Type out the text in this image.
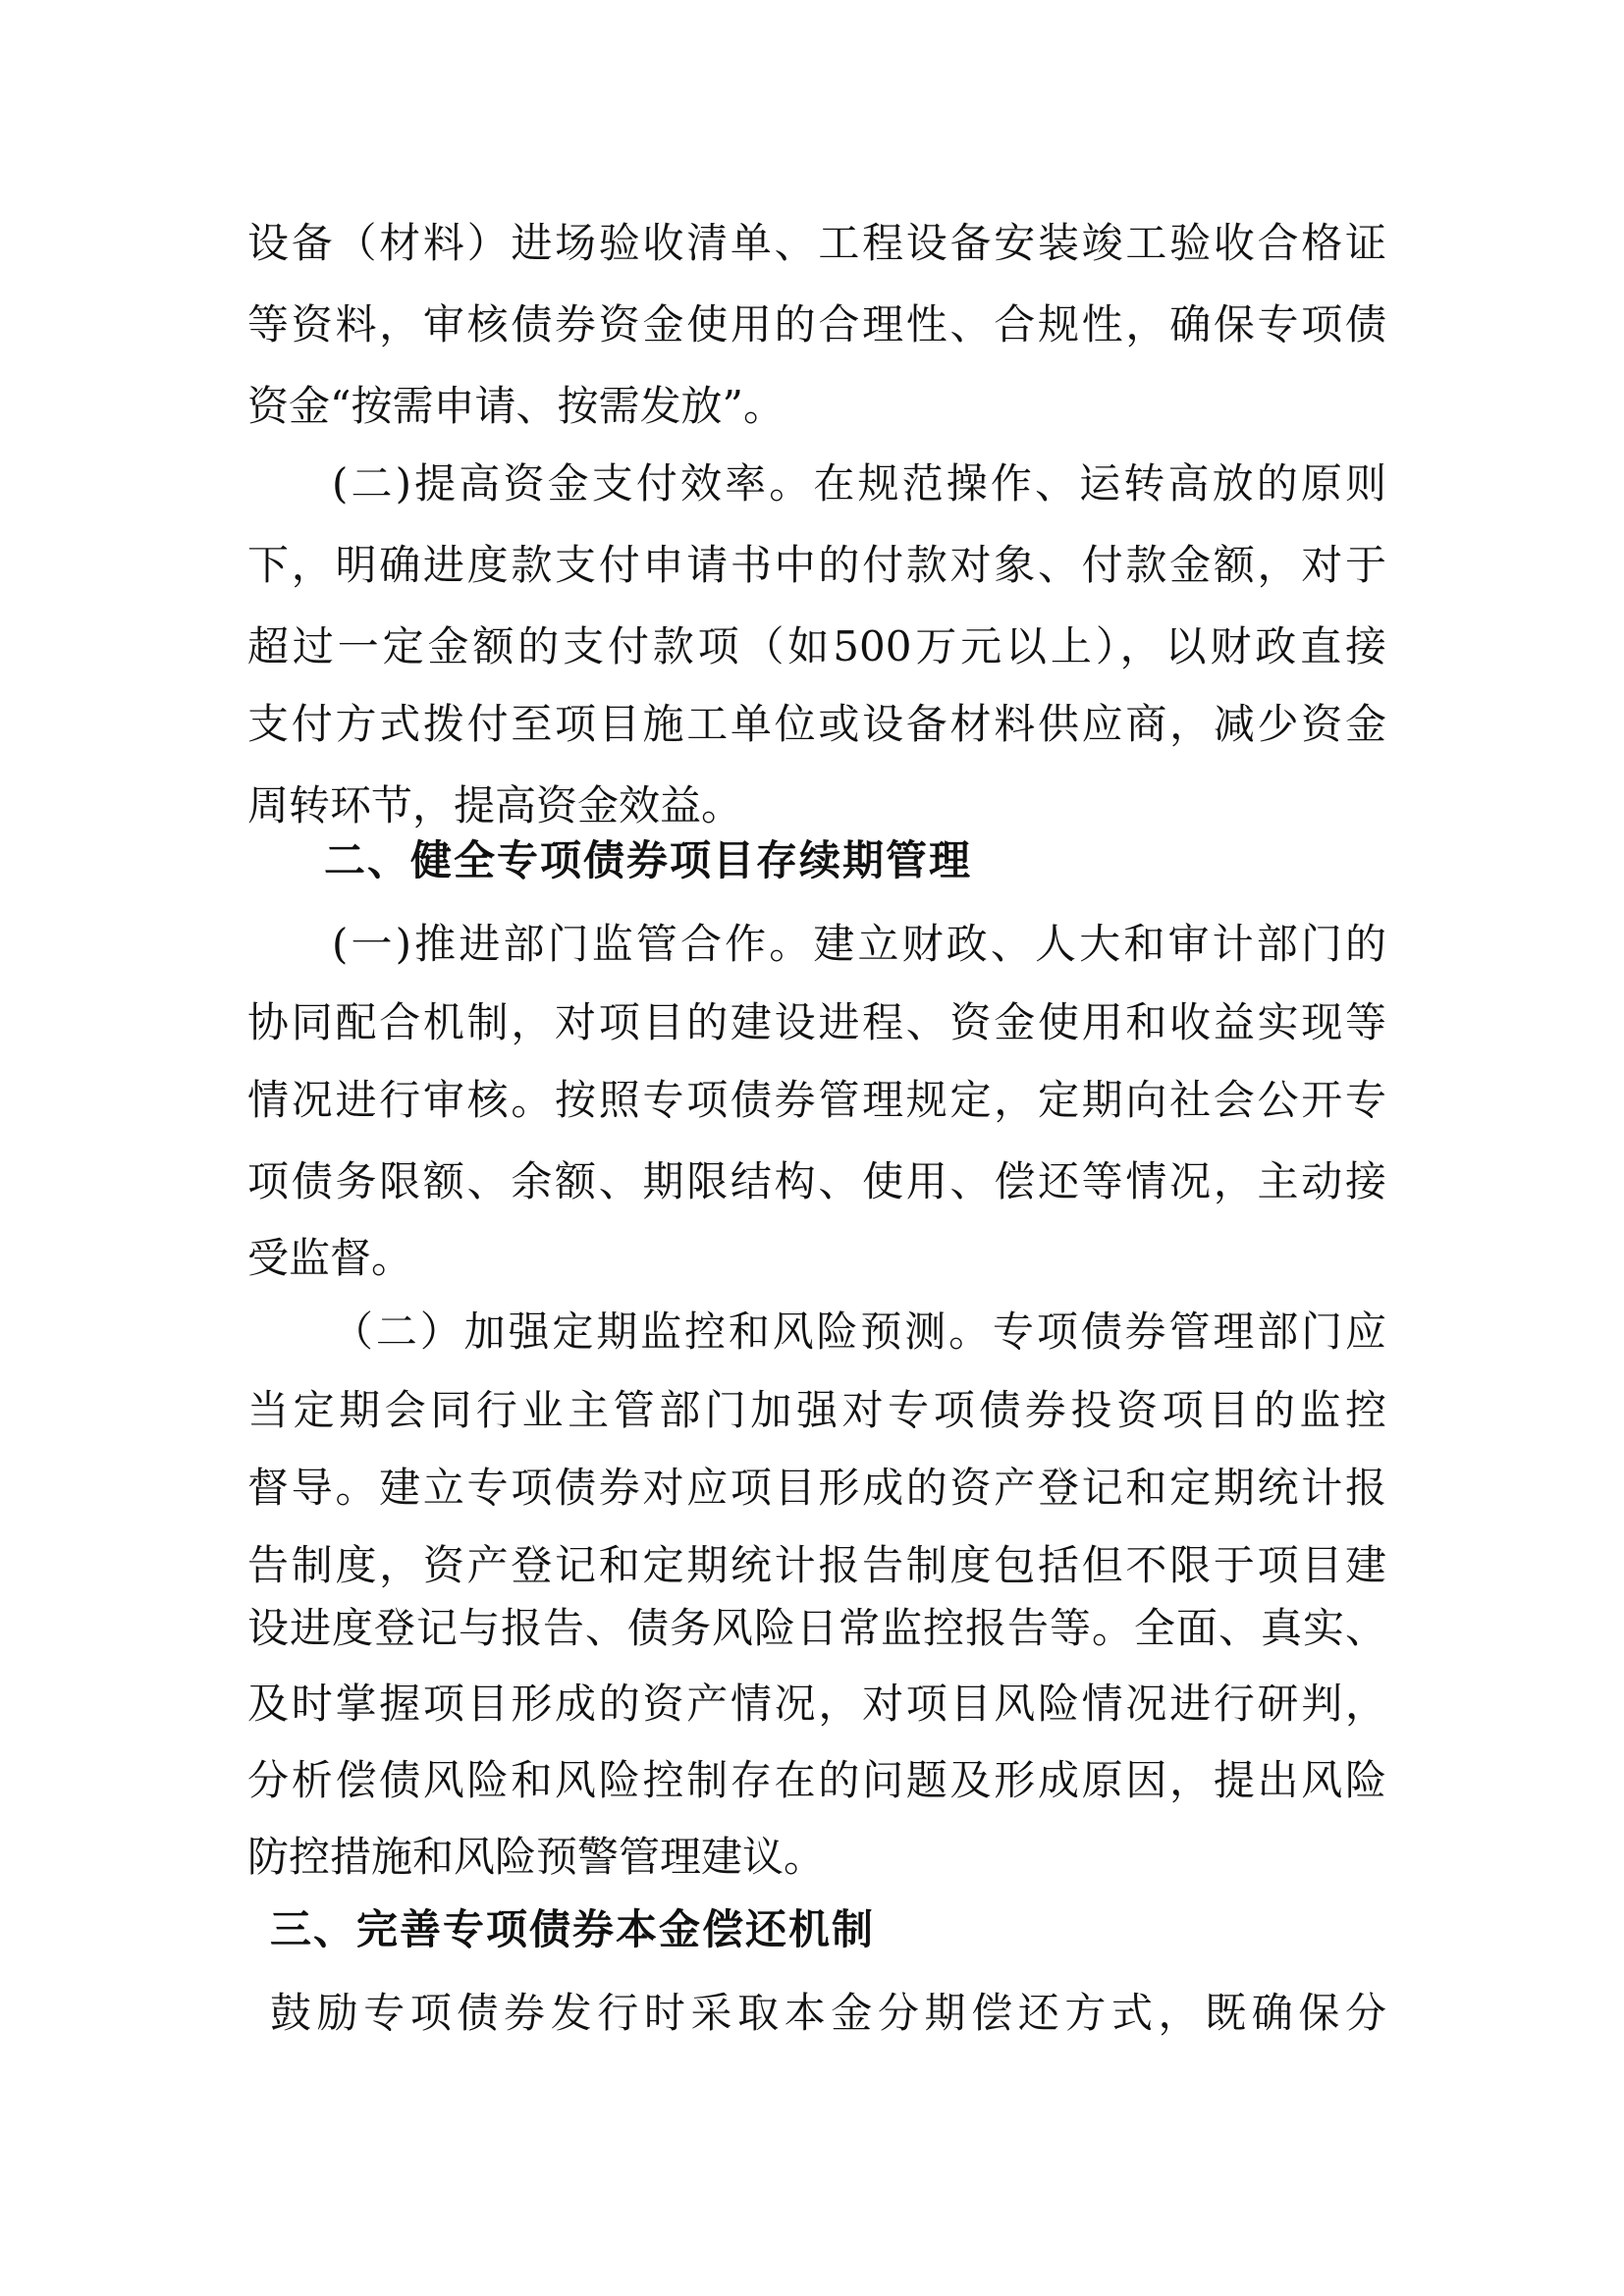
设备（材料）进场验收清单、工程设备安装竣工验收合格证
等资料，审核债券资金使用的合理性、合规性，确保专项债
资金“按需申请、按需发放”。
(二)提高资金支付效率。在规范操作、运转高放的原则
下，明确进度款支付申请书中的付款对象、付款金额，对于
超过一定金额的支付款项（如500万元以上），以财政直接
支付方式拨付至项目施工单位或设备材料供应商，减少资金
周转环节，提高资金效益。
二、健全专项债券项目存续期管理
(一)推进部门监管合作。建立财政、人大和审计部门的
协同配合机制，对项目的建设进程、资金使用和收益实现等
情况进行审核。按照专项债券管理规定，定期向社会公开专
项债务限额、余额、期限结构、使用、偿还等情况，主动接
受监督。
（二）加强定期监控和风险预测。专项债券管理部门应
当定期会同行业主管部门加强对专项债券投资项目的监控
督导。建立专项债券对应项目形成的资产登记和定期统计报
告制度，资产登记和定期统计报告制度包括但不限于项目建
设进度登记与报告、债务风险日常监控报告等。全面、真实、
及时掌握项目形成的资产情况，对项目风险情况进行研判，
分析偿债风险和风险控制存在的问题及形成原因，提出风险
防控措施和风险预警管理建议。
三、完善专项债券本金偿还机制
鼓励专项债券发行时采取本金分期偿还方式，既确保分
